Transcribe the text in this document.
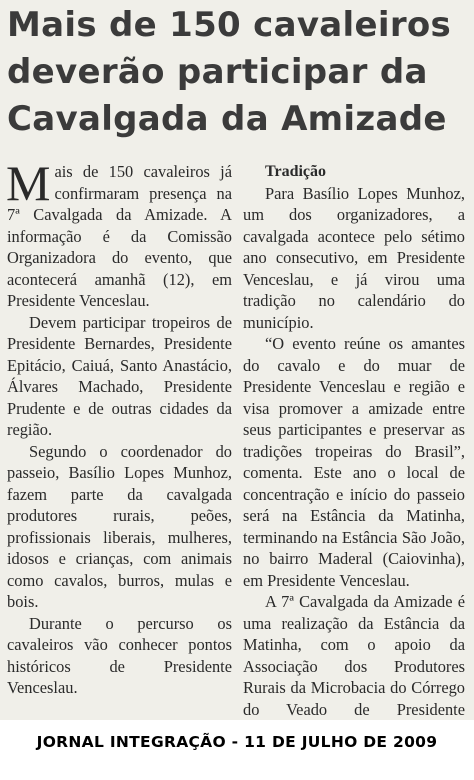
Mais de 150 cavaleiros
deverão participar da
Cavalgada da Amizade

Mais de 150 cavaleiros já confirmaram presença na 7ª Cavalgada da Amizade. A informação é da Comissão Organizadora do evento, que acontecerá amanhã (12), em Presidente Venceslau.

Devem participar tropeiros de Presidente Bernardes, Presidente Epitácio, Caiuá, Santo Anastácio, Álvares Machado, Presidente Prudente e de outras cidades da região.

Segundo o coordenador do passeio, Basílio Lopes Munhoz, fazem parte da cavalgada produtores rurais, peões, profissionais liberais, mulheres, idosos e crianças, com animais como cavalos, burros, mulas e bois.

Durante o percurso os cavaleiros vão conhecer pontos históricos de Presidente Venceslau.

Tradição

Para Basílio Lopes Munhoz, um dos organizadores, a cavalgada acontece pelo sétimo ano consecutivo, em Presidente Venceslau, e já virou uma tradição no calendário do município.

“O evento reúne os amantes do cavalo e do muar de Presidente Venceslau e região e visa promover a amizade entre seus participantes e preservar as tradições tropeiras do Brasil”, comenta. Este ano o local de concentração e início do passeio será na Estância da Matinha, terminando na Estância São João, no bairro Maderal (Caiovinha), em Presidente Venceslau.

A 7ª Cavalgada da Amizade é uma realização da Estância da Matinha, com o apoio da Associação dos Produtores Rurais da Microbacia do Córrego do Veado de Presidente

JORNAL INTEGRAÇÃO - 11 DE JULHO DE 2009
